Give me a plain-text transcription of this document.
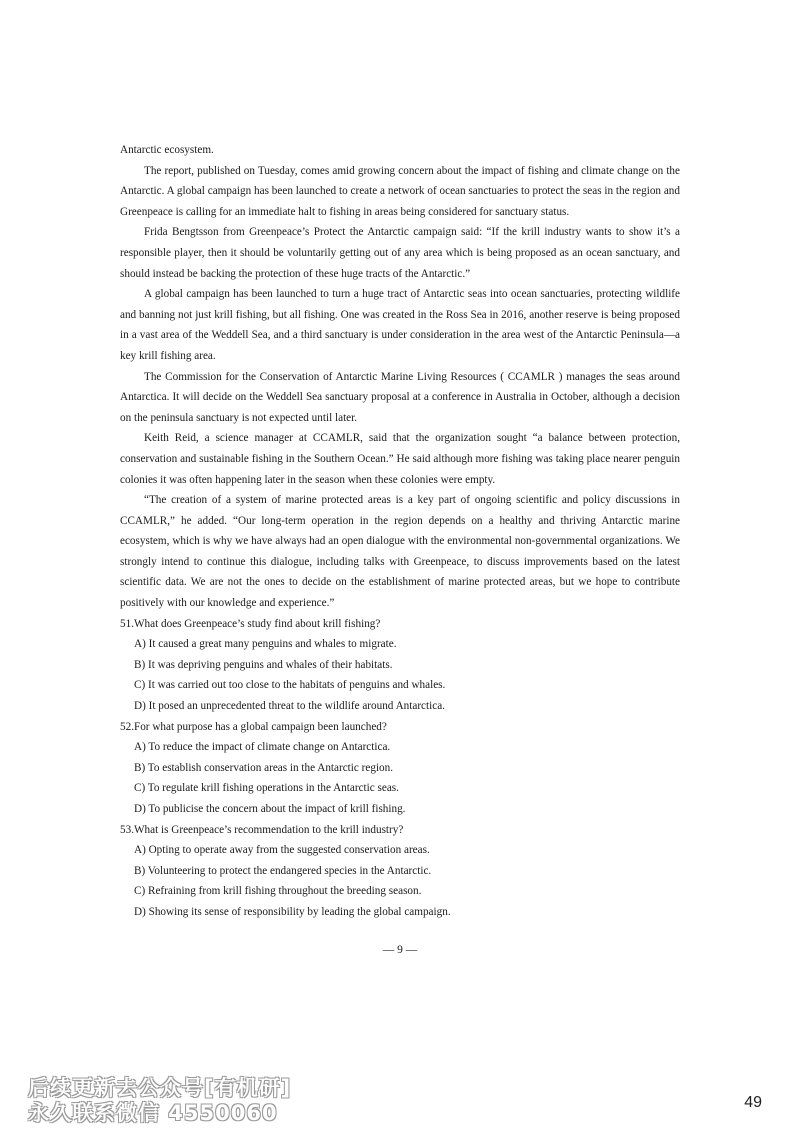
Antarctic ecosystem.

The report, published on Tuesday, comes amid growing concern about the impact of fishing and climate change on the Antarctic. A global campaign has been launched to create a network of ocean sanctuaries to protect the seas in the region and Greenpeace is calling for an immediate halt to fishing in areas being considered for sanctuary status.

Frida Bengtsson from Greenpeace’s Protect the Antarctic campaign said: “If the krill industry wants to show it’s a responsible player, then it should be voluntarily getting out of any area which is being proposed as an ocean sanctuary, and should instead be backing the protection of these huge tracts of the Antarctic.”

A global campaign has been launched to turn a huge tract of Antarctic seas into ocean sanctuaries, protecting wildlife and banning not just krill fishing, but all fishing. One was created in the Ross Sea in 2016, another reserve is being proposed in a vast area of the Weddell Sea, and a third sanctuary is under consideration in the area west of the Antarctic Peninsula—a key krill fishing area.

The Commission for the Conservation of Antarctic Marine Living Resources ( CCAMLR ) manages the seas around Antarctica. It will decide on the Weddell Sea sanctuary proposal at a conference in Australia in October, although a decision on the peninsula sanctuary is not expected until later.

Keith Reid, a science manager at CCAMLR, said that the organization sought “a balance between protection, conservation and sustainable fishing in the Southern Ocean.” He said although more fishing was taking place nearer penguin colonies it was often happening later in the season when these colonies were empty.

“The creation of a system of marine protected areas is a key part of ongoing scientific and policy discussions in CCAMLR,” he added. “Our long-term operation in the region depends on a healthy and thriving Antarctic marine ecosystem, which is why we have always had an open dialogue with the environmental non-governmental organizations. We strongly intend to continue this dialogue, including talks with Greenpeace, to discuss improvements based on the latest scientific data. We are not the ones to decide on the establishment of marine protected areas, but we hope to contribute positively with our knowledge and experience.”

51.What does Greenpeace’s study find about krill fishing?

A) It caused a great many penguins and whales to migrate.

B) It was depriving penguins and whales of their habitats.

C) It was carried out too close to the habitats of penguins and whales.

D) It posed an unprecedented threat to the wildlife around Antarctica.

52.For what purpose has a global campaign been launched?

A) To reduce the impact of climate change on Antarctica.

B) To establish conservation areas in the Antarctic region.

C) To regulate krill fishing operations in the Antarctic seas.

D) To publicise the concern about the impact of krill fishing.

53.What is Greenpeace’s recommendation to the krill industry?

A) Opting to operate away from the suggested conservation areas.

B) Volunteering to protect the endangered species in the Antarctic.

C) Refraining from krill fishing throughout the breeding season.

D) Showing its sense of responsibility by leading the global campaign.

— 9 —
后续更新去公众号[有机研]
永久联系微信 4550060	49
